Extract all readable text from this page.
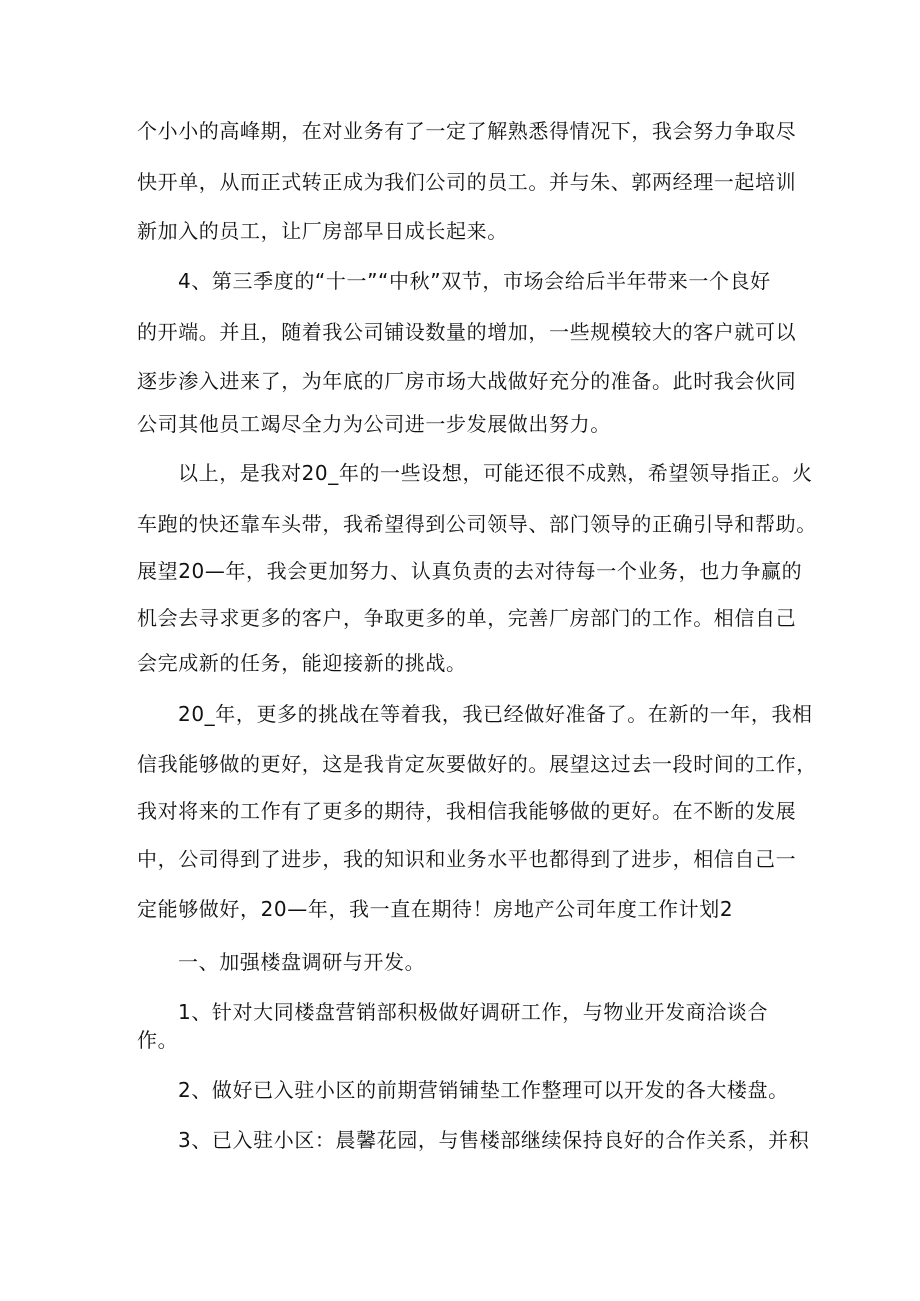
个小小的高峰期，在对业务有了一定了解熟悉得情况下，我会努力争取尽
快开单，从而正式转正成为我们公司的员工。并与朱、郭两经理一起培训
新加入的员工，让厂房部早日成长起来。
4、第三季度的“十一”“中秋”双节，市场会给后半年带来一个良好
的开端。并且，随着我公司铺设数量的增加，一些规模较大的客户就可以
逐步渗入进来了，为年底的厂房市场大战做好充分的准备。此时我会伙同
公司其他员工竭尽全力为公司进一步发展做出努力。
以上，是我对20_年的一些设想，可能还很不成熟，希望领导指正。火
车跑的快还靠车头带，我希望得到公司领导、部门领导的正确引导和帮助。
展望20—年，我会更加努力、认真负责的去对待每一个业务，也力争赢的
机会去寻求更多的客户，争取更多的单，完善厂房部门的工作。相信自己
会完成新的任务，能迎接新的挑战。
20_年，更多的挑战在等着我，我已经做好准备了。在新的一年，我相
信我能够做的更好，这是我肯定灰要做好的。展望这过去一段时间的工作，
我对将来的工作有了更多的期待，我相信我能够做的更好。在不断的发展
中，公司得到了进步，我的知识和业务水平也都得到了进步，相信自己一
定能够做好，20—年，我一直在期待！房地产公司年度工作计划2
一、加强楼盘调研与开发。
1、针对大同楼盘营销部积极做好调研工作，与物业开发商洽谈合
作。
2、做好已入驻小区的前期营销铺垫工作整理可以开发的各大楼盘。
3、已入驻小区：晨馨花园，与售楼部继续保持良好的合作关系，并积
